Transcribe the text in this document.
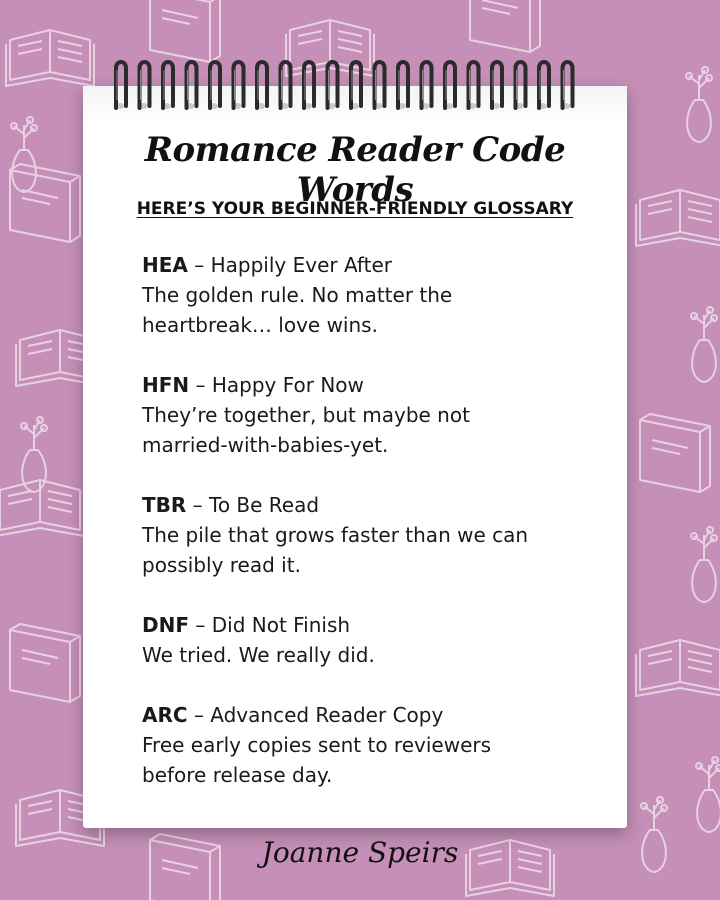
Romance Reader Code Words
HERE’S YOUR BEGINNER-FRIENDLY GLOSSARY
HEA – Happily Ever After
The golden rule. No matter the
heartbreak… love wins.
HFN – Happy For Now
They’re together, but maybe not
married-with-babies-yet.
TBR – To Be Read
The pile that grows faster than we can
possibly read it.
DNF – Did Not Finish
We tried. We really did.
ARC – Advanced Reader Copy
Free early copies sent to reviewers
before release day.
Joanne Speirs
